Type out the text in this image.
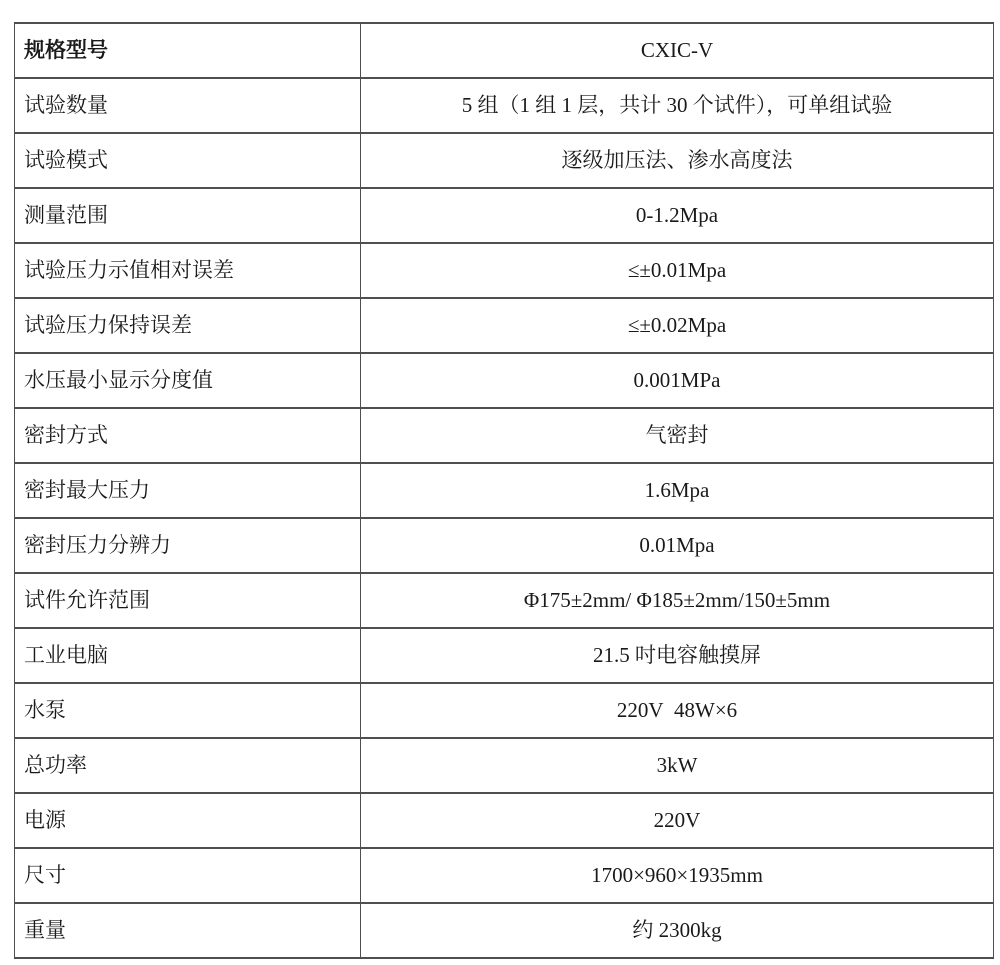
规格型号	CXIC-V
试验数量	5 组（1 组 1 层，共计 30 个试件），可单组试验
试验模式	逐级加压法、渗水高度法
测量范围	0-1.2Mpa
试验压力示值相对误差	≤±0.01Mpa
试验压力保持误差	≤±0.02Mpa
水压最小显示分度值	0.001MPa
密封方式	气密封
密封最大压力	1.6Mpa
密封压力分辨力	0.01Mpa
试件允许范围	Φ175±2mm/ Φ185±2mm/150±5mm
工业电脑	21.5 吋电容触摸屏
水泵	220V  48W×6
总功率	3kW
电源	220V
尺寸	1700×960×1935mm
重量	约 2300kg
